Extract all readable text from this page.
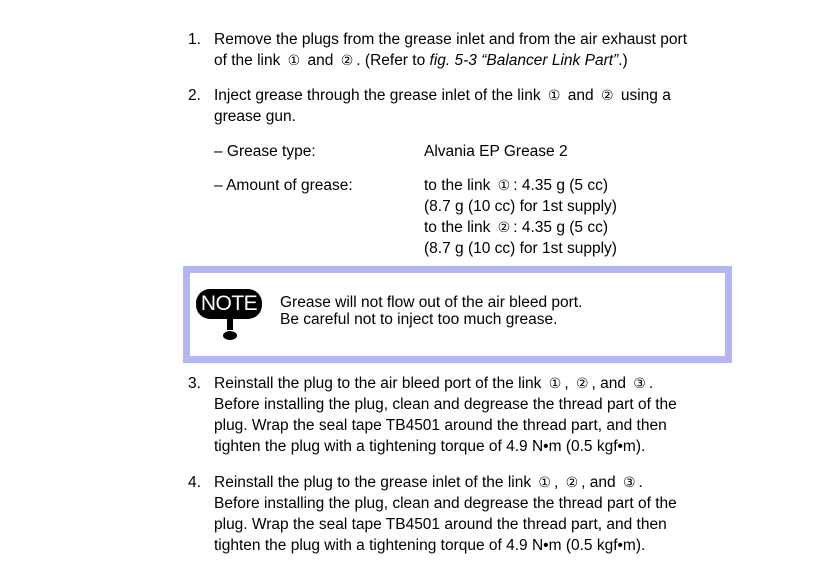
1. Remove the plugs from the grease inlet and from the air exhaust port
of the link ① and ② . (Refer to fig. 5-3 “Balancer Link Part”.)
2. Inject grease through the grease inlet of the link ① and ② using a
grease gun.
– Grease type:	Alvania EP Grease 2
– Amount of grease:	to the link ① : 4.35 g (5 cc)
(8.7 g (10 cc) for 1st supply)
to the link ② : 4.35 g (5 cc)
(8.7 g (10 cc) for 1st supply)
NOTE	Grease will not flow out of the air bleed port.
Be careful not to inject too much grease.
3. Reinstall the plug to the air bleed port of the link ① , ② , and ③ .
Before installing the plug, clean and degrease the thread part of the
plug. Wrap the seal tape TB4501 around the thread part, and then
tighten the plug with a tightening torque of 4.9 N•m (0.5 kgf•m).
4. Reinstall the plug to the grease inlet of the link ① , ② , and ③ .
Before installing the plug, clean and degrease the thread part of the
plug. Wrap the seal tape TB4501 around the thread part, and then
tighten the plug with a tightening torque of 4.9 N•m (0.5 kgf•m).
